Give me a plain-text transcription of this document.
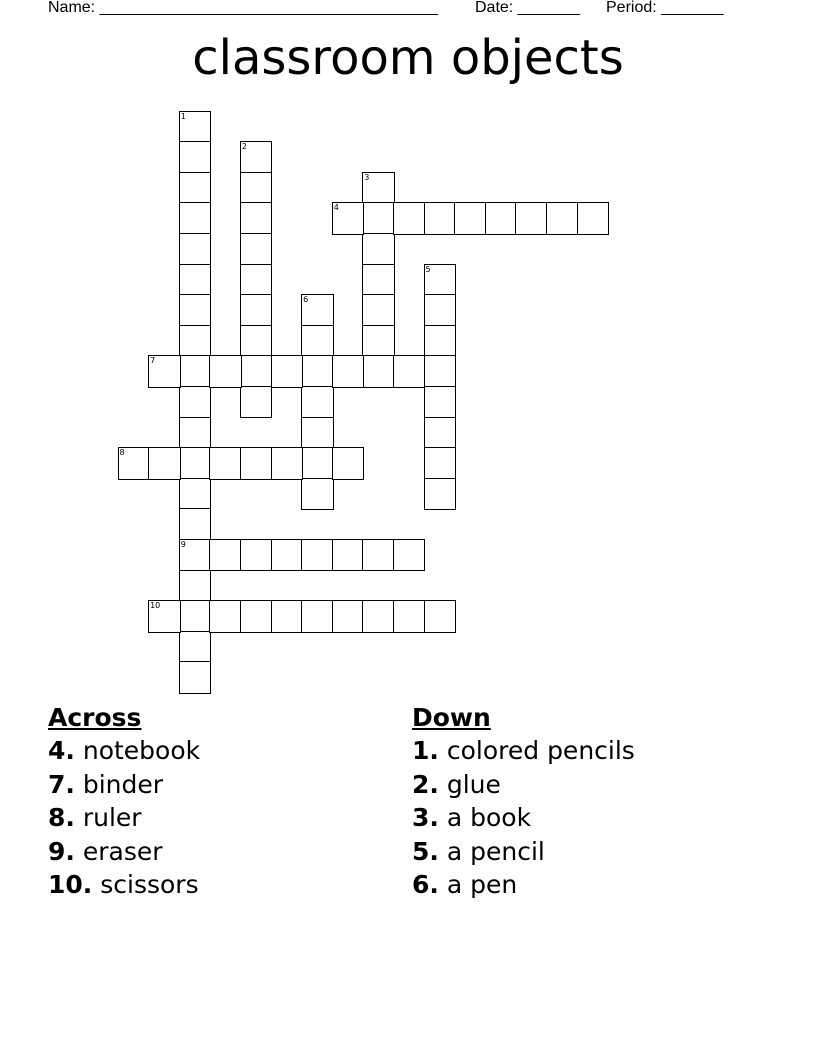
Name: ______________________________________ Date: _______ Period: _______
classroom objects
1
9
2
3
4
5
6
7
8
10
Across
4. notebook
7. binder
8. ruler
9. eraser
10. scissors
Down
1. colored pencils
2. glue
3. a book
5. a pencil
6. a pen
